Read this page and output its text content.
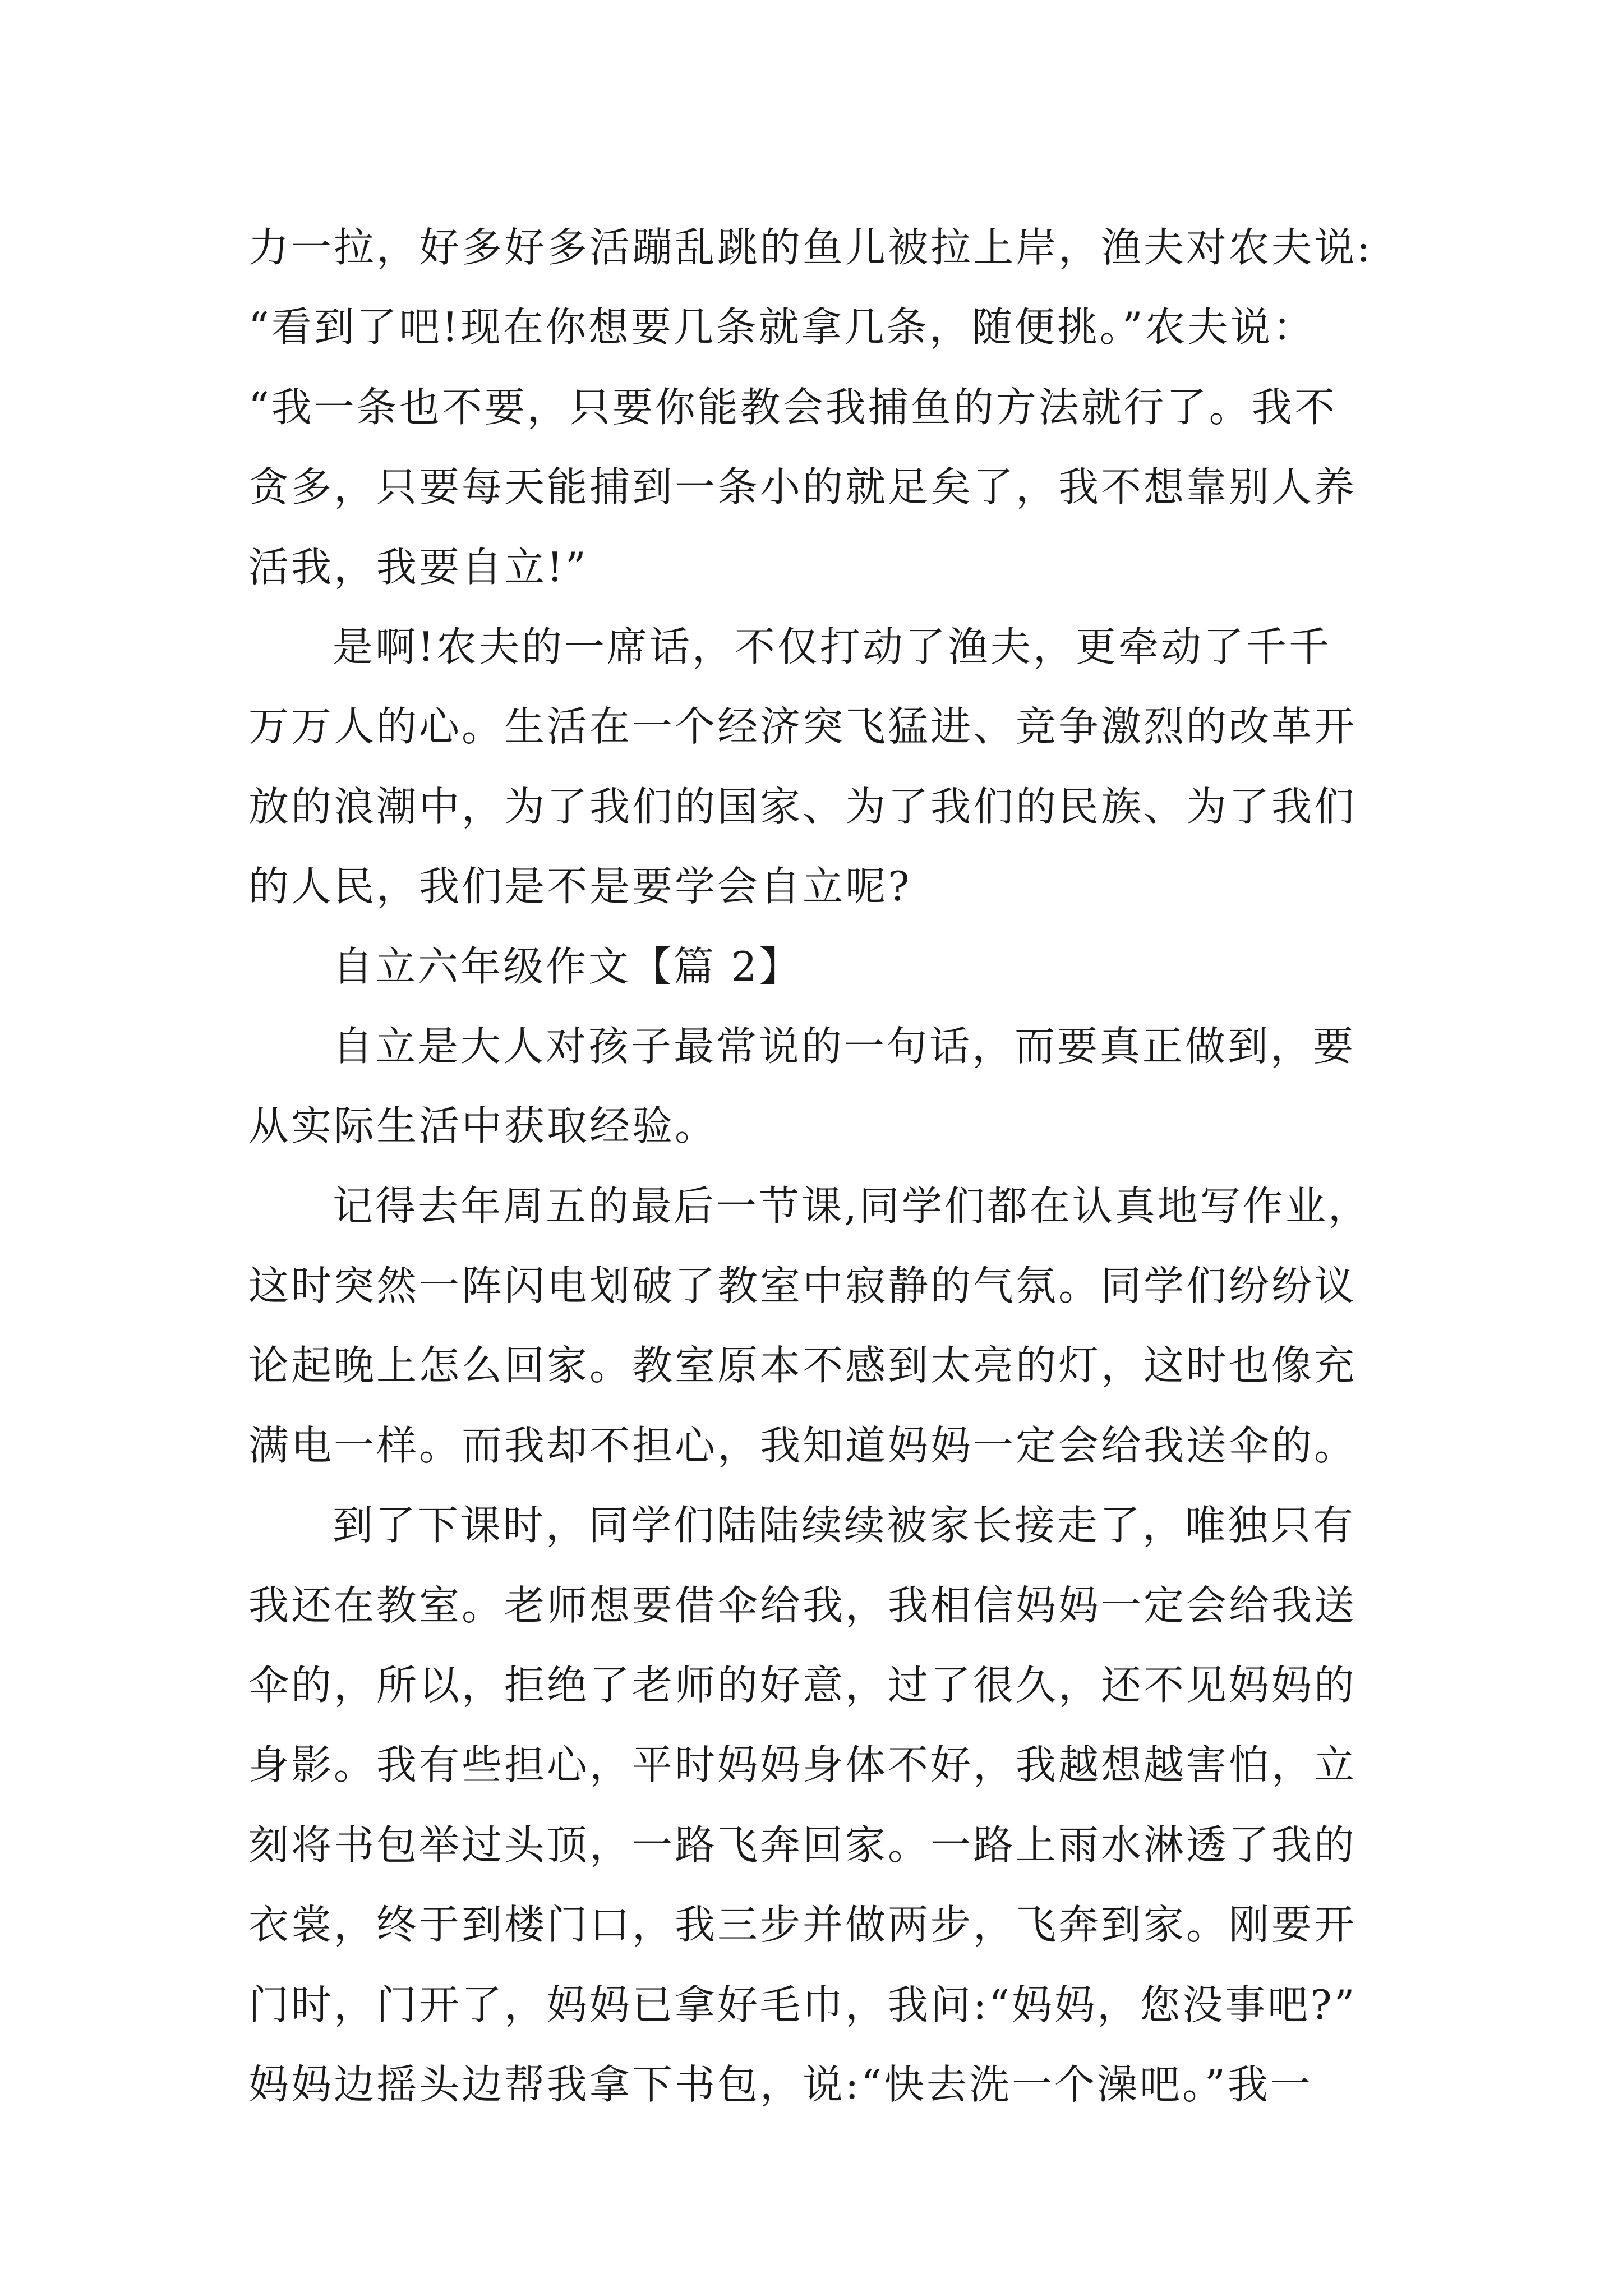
力一拉，好多好多活蹦乱跳的鱼儿被拉上岸，渔夫对农夫说:
“看到了吧!现在你想要几条就拿几条，随便挑。”农夫说：
“我一条也不要，只要你能教会我捕鱼的方法就行了。我不
贪多，只要每天能捕到一条小的就足矣了，我不想靠别人养
活我，我要自立!”
是啊!农夫的一席话，不仅打动了渔夫，更牵动了千千
万万人的心。生活在一个经济突飞猛进、竞争激烈的改革开
放的浪潮中，为了我们的国家、为了我们的民族、为了我们
的人民，我们是不是要学会自立呢?
自立六年级作文【篇 2】
自立是大人对孩子最常说的一句话，而要真正做到，要
从实际生活中获取经验。
记得去年周五的最后一节课,同学们都在认真地写作业，
这时突然一阵闪电划破了教室中寂静的气氛。同学们纷纷议
论起晚上怎么回家。教室原本不感到太亮的灯，这时也像充
满电一样。而我却不担心，我知道妈妈一定会给我送伞的。
到了下课时，同学们陆陆续续被家长接走了，唯独只有
我还在教室。老师想要借伞给我，我相信妈妈一定会给我送
伞的，所以，拒绝了老师的好意，过了很久，还不见妈妈的
身影。我有些担心，平时妈妈身体不好，我越想越害怕，立
刻将书包举过头顶，一路飞奔回家。一路上雨水淋透了我的
衣裳，终于到楼门口，我三步并做两步，飞奔到家。刚要开
门时，门开了，妈妈已拿好毛巾，我问:“妈妈，您没事吧?”
妈妈边摇头边帮我拿下书包，说:“快去洗一个澡吧。”我一
